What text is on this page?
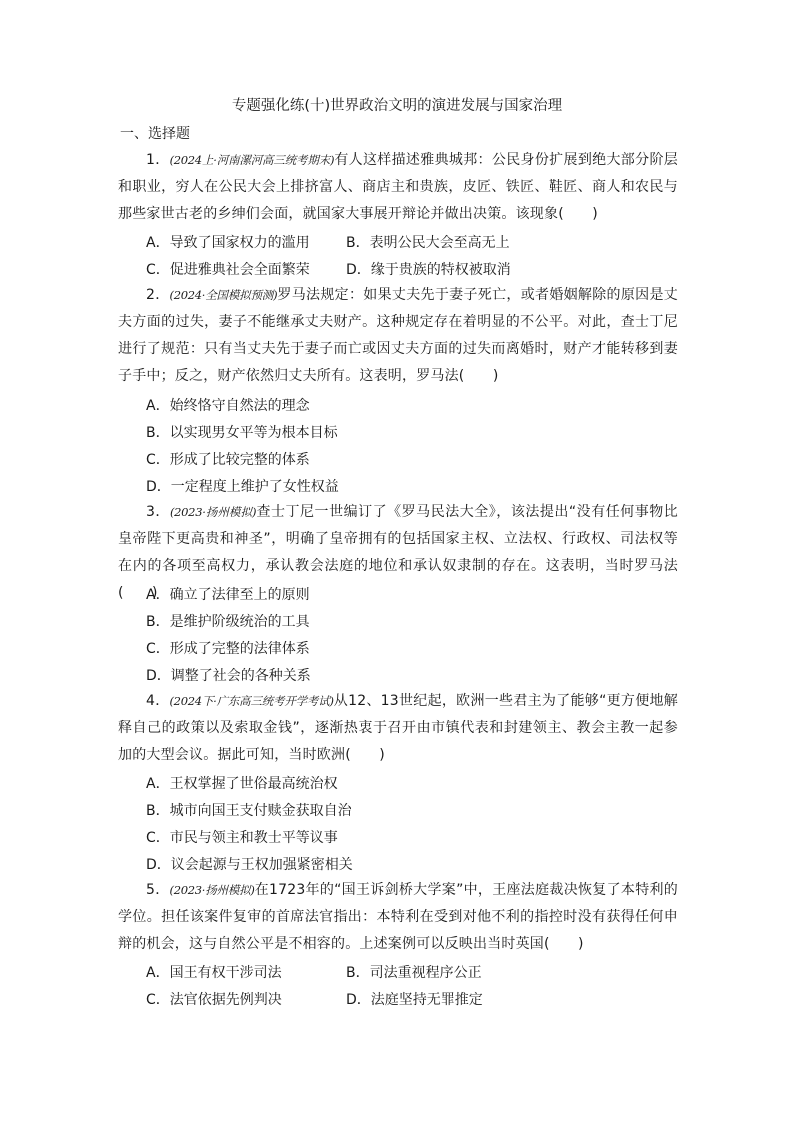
专题强化练(十)世界政治文明的演进发展与国家治理
一、选择题
1．(2024上·河南漯河高三统考期末)有人这样描述雅典城邦：公民身份扩展到绝大部分阶层和职业，穷人在公民大会上排挤富人、商店主和贵族，皮匠、铁匠、鞋匠、商人和农民与那些家世古老的乡绅们会面，就国家大事展开辩论并做出决策。该现象(　　)
A．导致了国家权力的滥用	B．表明公民大会至高无上
C．促进雅典社会全面繁荣	D．缘于贵族的特权被取消
2．(2024·全国模拟预测)罗马法规定：如果丈夫先于妻子死亡，或者婚姻解除的原因是丈夫方面的过失，妻子不能继承丈夫财产。这种规定存在着明显的不公平。对此，查士丁尼进行了规范：只有当丈夫先于妻子而亡或因丈夫方面的过失而离婚时，财产才能转移到妻子手中；反之，财产依然归丈夫所有。这表明，罗马法(　　)
A．始终恪守自然法的理念
B．以实现男女平等为根本目标
C．形成了比较完整的体系
D．一定程度上维护了女性权益
3．(2023·扬州模拟)查士丁尼一世编订了《罗马民法大全》，该法提出“没有任何事物比皇帝陛下更高贵和神圣”，明确了皇帝拥有的包括国家主权、立法权、行政权、司法权等在内的各项至高权力，承认教会法庭的地位和承认奴隶制的存在。这表明，当时罗马法(　　)
A．确立了法律至上的原则
B．是维护阶级统治的工具
C．形成了完整的法律体系
D．调整了社会的各种关系
4．(2024下·广东高三统考开学考试)从12、13世纪起，欧洲一些君主为了能够“更方便地解释自己的政策以及索取金钱”，逐渐热衷于召开由市镇代表和封建领主、教会主教一起参加的大型会议。据此可知，当时欧洲(　　)
A．王权掌握了世俗最高统治权
B．城市向国王支付赎金获取自治
C．市民与领主和教士平等议事
D．议会起源与王权加强紧密相关
5．(2023·扬州模拟)在1723年的“国王诉剑桥大学案”中，王座法庭裁决恢复了本特利的学位。担任该案件复审的首席法官指出：本特利在受到对他不利的指控时没有获得任何申辩的机会，这与自然公平是不相容的。上述案例可以反映出当时英国(　　)
A．国王有权干涉司法	B．司法重视程序公正
C．法官依据先例判决	D．法庭坚持无罪推定
